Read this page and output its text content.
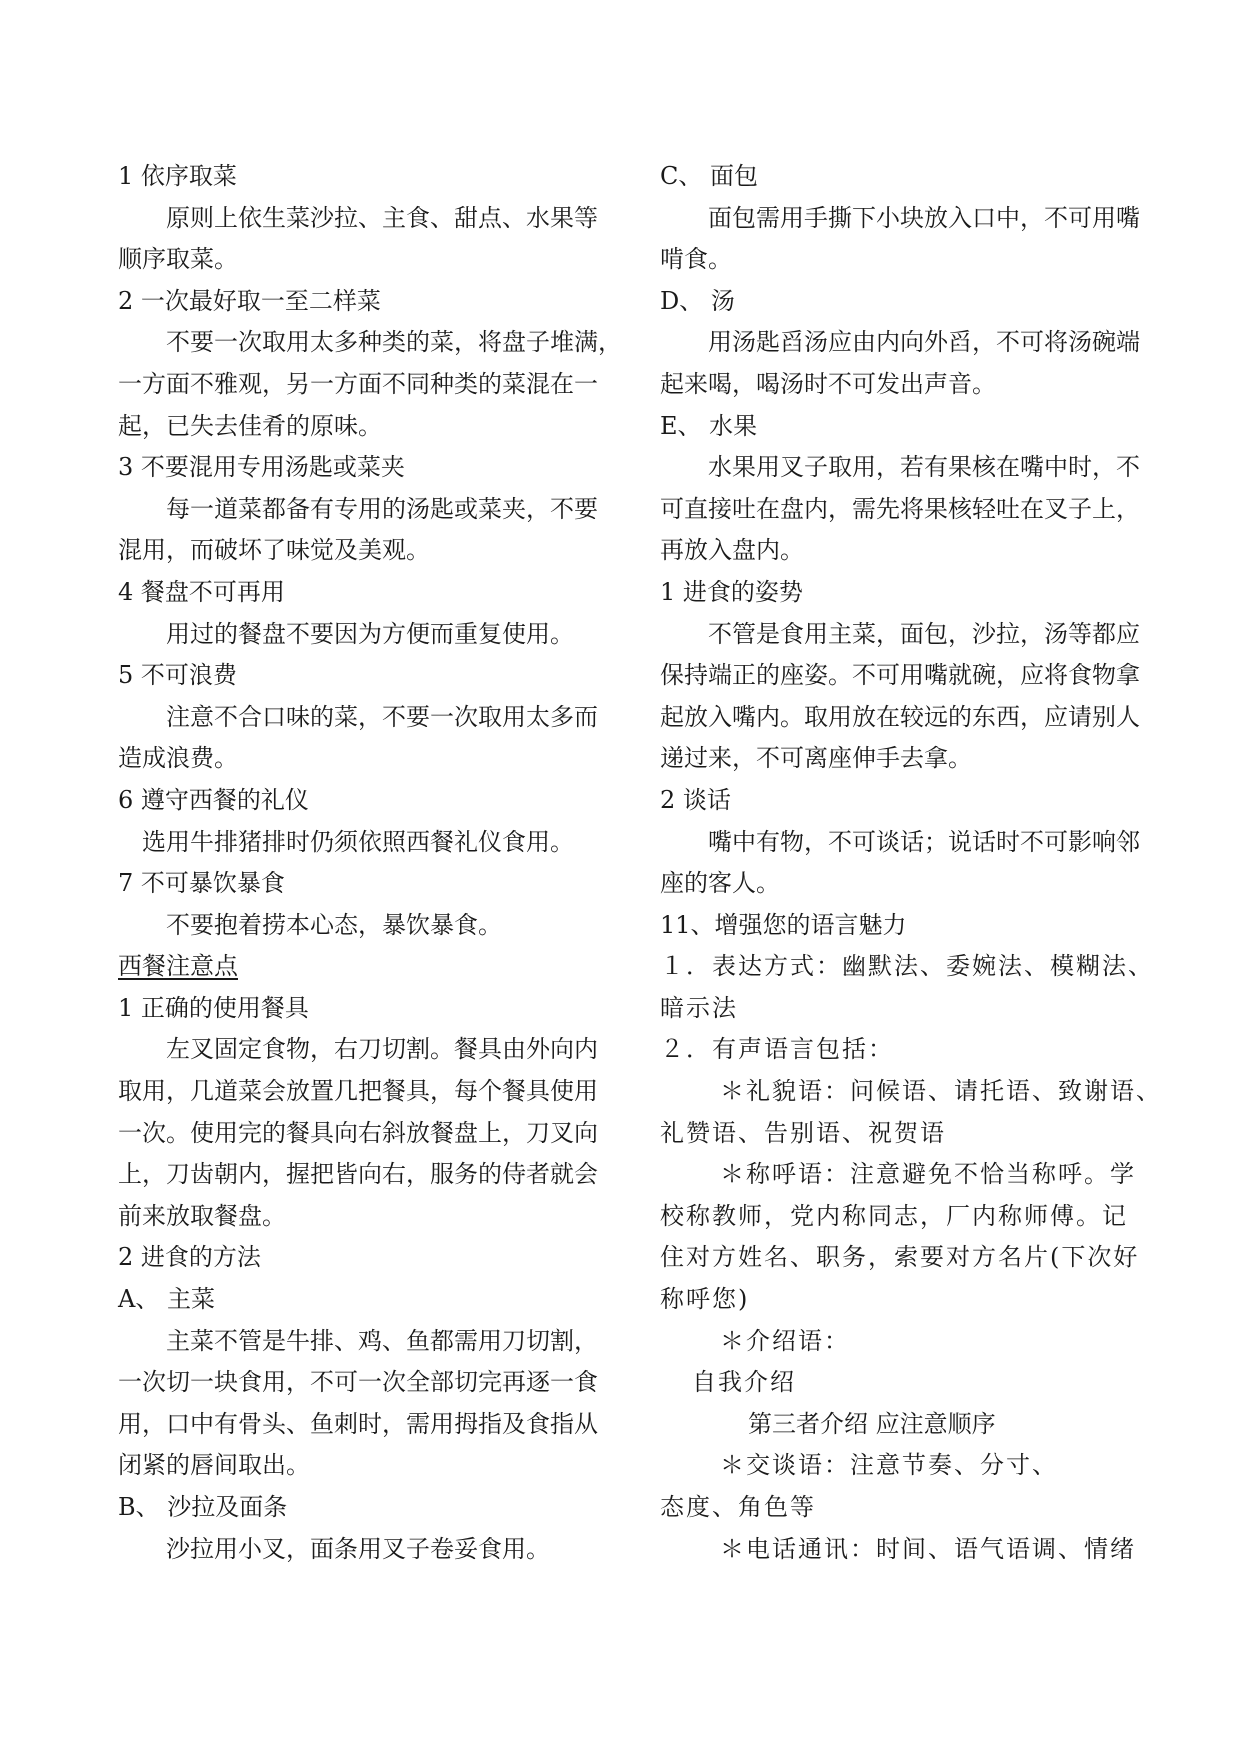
1 依序取菜
原则上依生菜沙拉、主食、甜点、水果等
顺序取菜。
2 一次最好取一至二样菜
不要一次取用太多种类的菜，将盘子堆满，
一方面不雅观，另一方面不同种类的菜混在一
起，已失去佳肴的原味。
3 不要混用专用汤匙或菜夹
每一道菜都备有专用的汤匙或菜夹，不要
混用，而破坏了味觉及美观。
4 餐盘不可再用
用过的餐盘不要因为方便而重复使用。
5 不可浪费
注意不合口味的菜，不要一次取用太多而
造成浪费。
6 遵守西餐的礼仪
选用牛排猪排时仍须依照西餐礼仪食用。
7 不可暴饮暴食
不要抱着捞本心态，暴饮暴食。
西餐注意点
1 正确的使用餐具
左叉固定食物，右刀切割。餐具由外向内
取用，几道菜会放置几把餐具，每个餐具使用
一次。使用完的餐具向右斜放餐盘上，刀叉向
上，刀齿朝内，握把皆向右，服务的侍者就会
前来放取餐盘。
2 进食的方法
A、 主菜
主菜不管是牛排、鸡、鱼都需用刀切割，
一次切一块食用，不可一次全部切完再逐一食
用，口中有骨头、鱼刺时，需用拇指及食指从
闭紧的唇间取出。
B、 沙拉及面条
沙拉用小叉，面条用叉子卷妥食用。
C、 面包
面包需用手撕下小块放入口中，不可用嘴
啃食。
D、 汤
用汤匙舀汤应由内向外舀，不可将汤碗端
起来喝，喝汤时不可发出声音。
E、 水果
水果用叉子取用，若有果核在嘴中时，不
可直接吐在盘内，需先将果核轻吐在叉子上，
再放入盘内。
1 进食的姿势
不管是食用主菜，面包，沙拉，汤等都应
保持端正的座姿。不可用嘴就碗，应将食物拿
起放入嘴内。取用放在较远的东西，应请别人
递过来，不可离座伸手去拿。
2 谈话
嘴中有物，不可谈话；说话时不可影响邻
座的客人。
11、增强您的语言魅力
１．表达方式：幽默法、委婉法、模糊法、
暗示法
２．有声语言包括：
＊礼貌语：问候语、请托语、致谢语、
礼赞语、告别语、祝贺语
＊称呼语：注意避免不恰当称呼。学
校称教师，党内称同志，厂内称师傅。记
住对方姓名、职务，索要对方名片(下次好
称呼您)
＊介绍语：
自我介绍
第三者介绍 应注意顺序
＊交谈语：注意节奏、分寸、
态度、角色等
＊电话通讯：时间、语气语调、情绪
